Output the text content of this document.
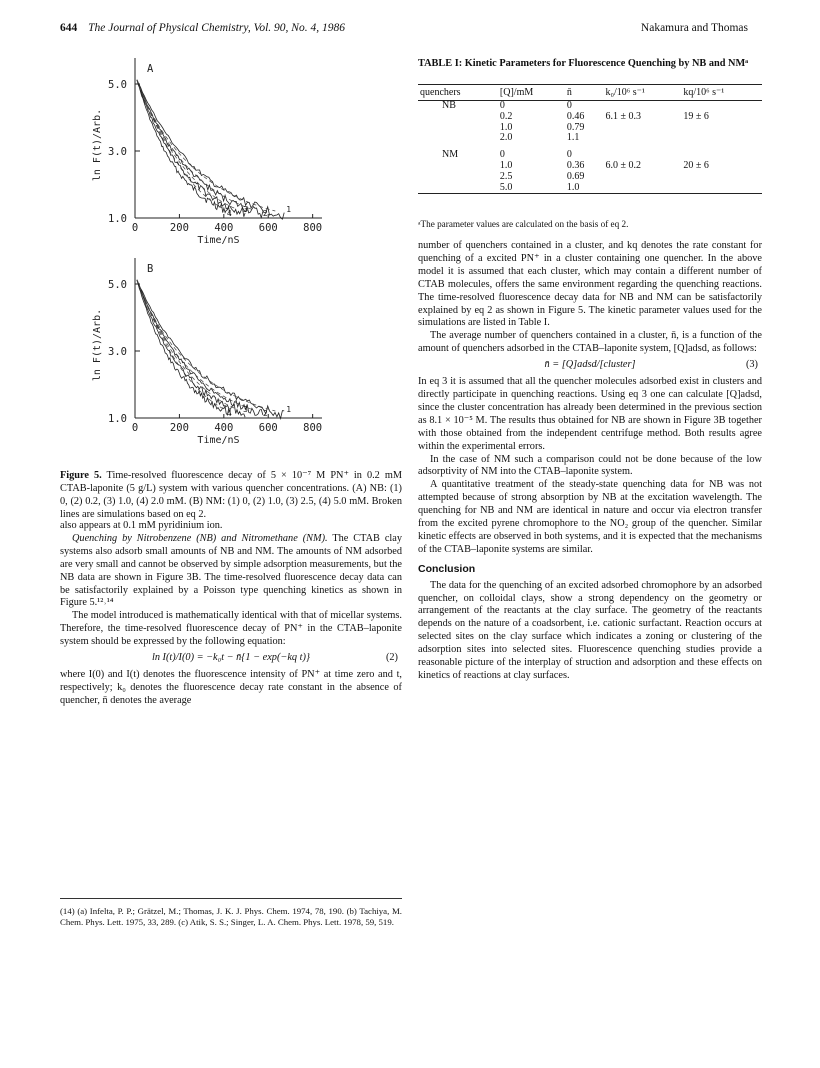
644 The Journal of Physical Chemistry, Vol. 90, No. 4, 1986	Nakamura and Thomas
A
1.0
3.0
5.0
0	200 400 600 800
Time/nS
ln F(t)/Arb.
4 3 2 1
B
1.0
3.0
5.0
0	200 400 600 800
Time/nS
ln F(t)/Arb.
4 3 2 1
Figure 5. Time-resolved fluorescence decay of 5 × 10⁻⁷ M PN⁺ in 0.2 mM CTAB-laponite (5 g/L) system with various quencher concentrations. (A) NB: (1) 0, (2) 0.2, (3) 1.0, (4) 2.0 mM. (B) NM: (1) 0, (2) 1.0, (3) 2.5, (4) 5.0 mM. Broken lines are simulations based on eq 2.

also appears at 0.1 mM pyridinium ion.

Quenching by Nitrobenzene (NB) and Nitromethane (NM). The CTAB clay systems also adsorb small amounts of NB and NM. The amounts of NM adsorbed are very small and cannot be observed by simple adsorption measurements, but the NB data are shown in Figure 3B. The time-resolved fluorescence decay data can be satisfactorily explained by a Poisson type quenching kinetics as shown in Figure 5.¹²˒¹⁴

The model introduced is mathematically identical with that of micellar systems. Therefore, the time-resolved fluorescence decay of PN⁺ in the CTAB–laponite system should be expressed by the following equation:

ln I(t)/I(0) = −k₀t − n̄{1 − exp(−kq t)}	(2)

where I(0) and I(t) denotes the fluorescence intensity of PN⁺ at time zero and t, respectively; k₀ denotes the fluorescence decay rate constant in the absence of quencher, n̄ denotes the average

(14) (a) Infelta, P. P.; Grätzel, M.; Thomas, J. K. J. Phys. Chem. 1974, 78, 190. (b) Tachiya, M. Chem. Phys. Lett. 1975, 33, 289. (c) Atik, S. S.; Singer, L. A. Chem. Phys. Lett. 1978, 59, 519.
TABLE I: Kinetic Parameters for Fluorescence Quenching by NB and NMᵃ
quenchers	[Q]/mM	n̄	k₀/10⁶ s⁻¹	kq/10⁶ s⁻¹
NB	0	0		
	0.2	0.46	6.1 ± 0.3	19 ± 6
	1.0	0.79		
	2.0	1.1		
NM	0	0		
	1.0	0.36	6.0 ± 0.2	20 ± 6
	2.5	0.69		
	5.0	1.0		
ᵃThe parameter values are calculated on the basis of eq 2.

number of quenchers contained in a cluster, and kq denotes the rate constant for quenching of a excited PN⁺ in a cluster containing one quencher. In the above model it is assumed that each cluster, which may contain a different number of CTAB molecules, offers the same environment regarding the quenching reactions. The time-resolved fluorescence decay data for NB and NM can be satisfactorily explained by eq 2 as shown in Figure 5. The kinetic parameter values used for the simulations are listed in Table I.

The average number of quenchers contained in a cluster, n̄, is a function of the amount of quenchers adsorbed in the CTAB–laponite system, [Q]adsd, as follows:

n̄ = [Q]adsd/[cluster]	(3)

In eq 3 it is assumed that all the quencher molecules adsorbed exist in clusters and directly participate in quenching reactions. Using eq 3 one can calculate [Q]adsd, since the cluster concentration has already been determined in the previous section as 8.1 × 10⁻⁵ M. The results thus obtained for NB are shown in Figure 3B together with those obtained from the independent centrifuge method. Both results agree within the experimental errors.

In the case of NM such a comparison could not be done because of the low adsorptivity of NM into the CTAB–laponite system.

A quantitative treatment of the steady-state quenching data for NB was not attempted because of strong absorption by NB at the excitation wavelength. The quenching for NB and NM are identical in nature and occur via electron transfer from the excited pyrene chromophore to the NO₂ group of the quencher. Similar kinetic effects are observed in both systems, and it is expected that the mechanisms of the CTAB–laponite systems are similar.

Conclusion

The data for the quenching of an excited adsorbed chromophore by an adsorbed quencher, on colloidal clays, show a strong dependency on the geometry or arrangement of the reactants at the clay surface. The geometry of the reactants depends on the nature of a coadsorbent, i.e. cationic surfactant. Reaction occurs at selected sites on the clay surface which indicates a zoning or clustering of the adsorption sites into selected sites. Fluorescence quenching studies provide a reasonable picture of the interplay of struction and adsorption and these effects on kinetics of reactions at clay surfaces.
